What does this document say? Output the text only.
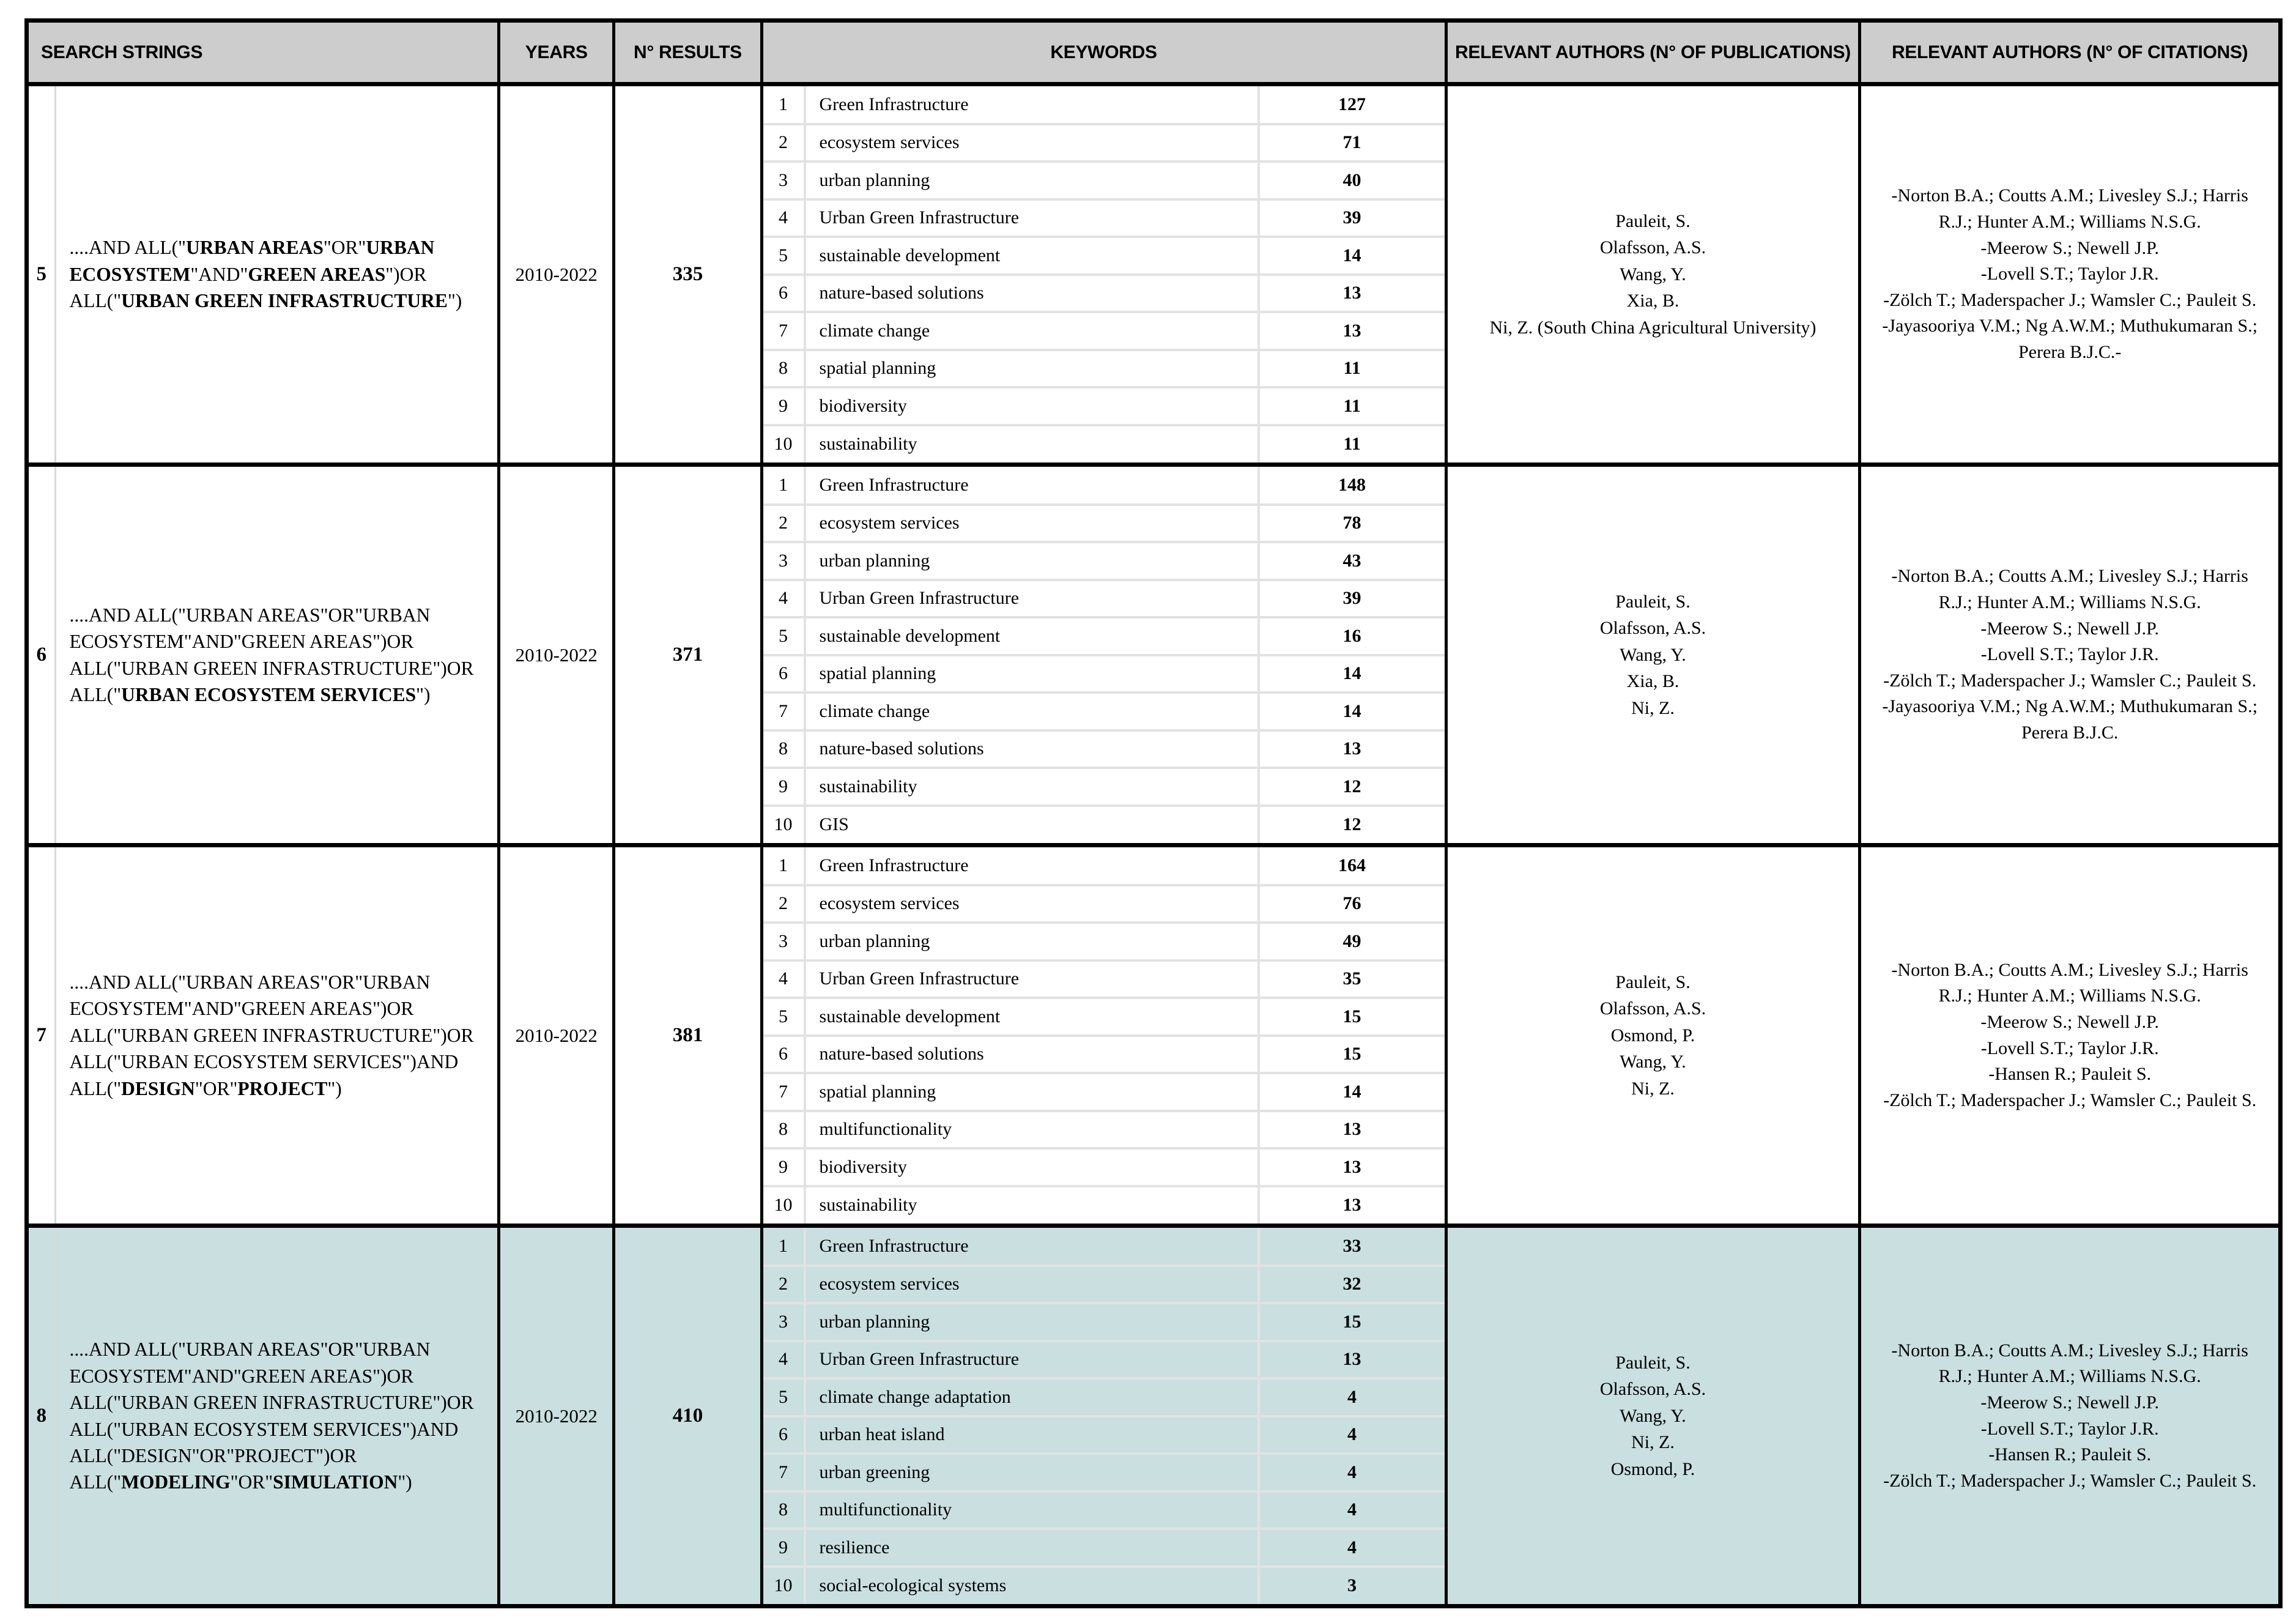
SEARCH STRINGS	YEARS	N° RESULTS	KEYWORDS	RELEVANT AUTHORS (N° OF PUBLICATIONS)	RELEVANT AUTHORS (N° OF CITATIONS)
5	....AND ALL("URBAN AREAS"OR"URBAN ECOSYSTEM"AND"GREEN AREAS")OR ALL("URBAN GREEN INFRASTRUCTURE")	2010-2022	335	
1	Green Infrastructure	127
2	ecosystem services	71
3	urban planning	40
4	Urban Green Infrastructure	39
5	sustainable development	14
6	nature-based solutions	13
7	climate change	13
8	spatial planning	11
9	biodiversity	11
10	sustainability	11

Pauleit, S.
Olafsson, A.S.
Wang, Y.
Xia, B.
Ni, Z. (South China Agricultural University)

-Norton B.A.; Coutts A.M.; Livesley S.J.; Harris R.J.; Hunter A.M.; Williams N.S.G.
-Meerow S.; Newell J.P.
-Lovell S.T.; Taylor J.R.
-Zölch T.; Maderspacher J.; Wamsler C.; Pauleit S.
-Jayasooriya V.M.; Ng A.W.M.; Muthukumaran S.; Perera B.J.C.-

6	....AND ALL("URBAN AREAS"OR"URBAN ECOSYSTEM"AND"GREEN AREAS")OR ALL("URBAN GREEN INFRASTRUCTURE")OR ALL("URBAN ECOSYSTEM SERVICES")	2010-2022	371	
1	Green Infrastructure	148
2	ecosystem services	78
3	urban planning	43
4	Urban Green Infrastructure	39
5	sustainable development	16
6	spatial planning	14
7	climate change	14
8	nature-based solutions	13
9	sustainability	12
10	GIS	12

Pauleit, S.
Olafsson, A.S.
Wang, Y.
Xia, B.
Ni, Z.

-Norton B.A.; Coutts A.M.; Livesley S.J.; Harris R.J.; Hunter A.M.; Williams N.S.G.
-Meerow S.; Newell J.P.
-Lovell S.T.; Taylor J.R.
-Zölch T.; Maderspacher J.; Wamsler C.; Pauleit S.
-Jayasooriya V.M.; Ng A.W.M.; Muthukumaran S.; Perera B.J.C.

7	....AND ALL("URBAN AREAS"OR"URBAN ECOSYSTEM"AND"GREEN AREAS")OR ALL("URBAN GREEN INFRASTRUCTURE")OR ALL("URBAN ECOSYSTEM SERVICES")AND ALL("DESIGN"OR"PROJECT")	2010-2022	381	
1	Green Infrastructure	164
2	ecosystem services	76
3	urban planning	49
4	Urban Green Infrastructure	35
5	sustainable development	15
6	nature-based solutions	15
7	spatial planning	14
8	multifunctionality	13
9	biodiversity	13
10	sustainability	13

Pauleit, S.
Olafsson, A.S.
Osmond, P.
Wang, Y.
Ni, Z.

-Norton B.A.; Coutts A.M.; Livesley S.J.; Harris R.J.; Hunter A.M.; Williams N.S.G.
-Meerow S.; Newell J.P.
-Lovell S.T.; Taylor J.R.
-Hansen R.; Pauleit S.
-Zölch T.; Maderspacher J.; Wamsler C.; Pauleit S.

8	....AND ALL("URBAN AREAS"OR"URBAN ECOSYSTEM"AND"GREEN AREAS")OR ALL("URBAN GREEN INFRASTRUCTURE")OR ALL("URBAN ECOSYSTEM SERVICES")AND ALL("DESIGN"OR"PROJECT")OR ALL("MODELING"OR"SIMULATION")	2010-2022	410	
1	Green Infrastructure	33
2	ecosystem services	32
3	urban planning	15
4	Urban Green Infrastructure	13
5	climate change adaptation	4
6	urban heat island	4
7	urban greening	4
8	multifunctionality	4
9	resilience	4
10	social-ecological systems	3

Pauleit, S.
Olafsson, A.S.
Wang, Y.
Ni, Z.
Osmond, P.

-Norton B.A.; Coutts A.M.; Livesley S.J.; Harris R.J.; Hunter A.M.; Williams N.S.G.
-Meerow S.; Newell J.P.
-Lovell S.T.; Taylor J.R.
-Hansen R.; Pauleit S.
-Zölch T.; Maderspacher J.; Wamsler C.; Pauleit S.
